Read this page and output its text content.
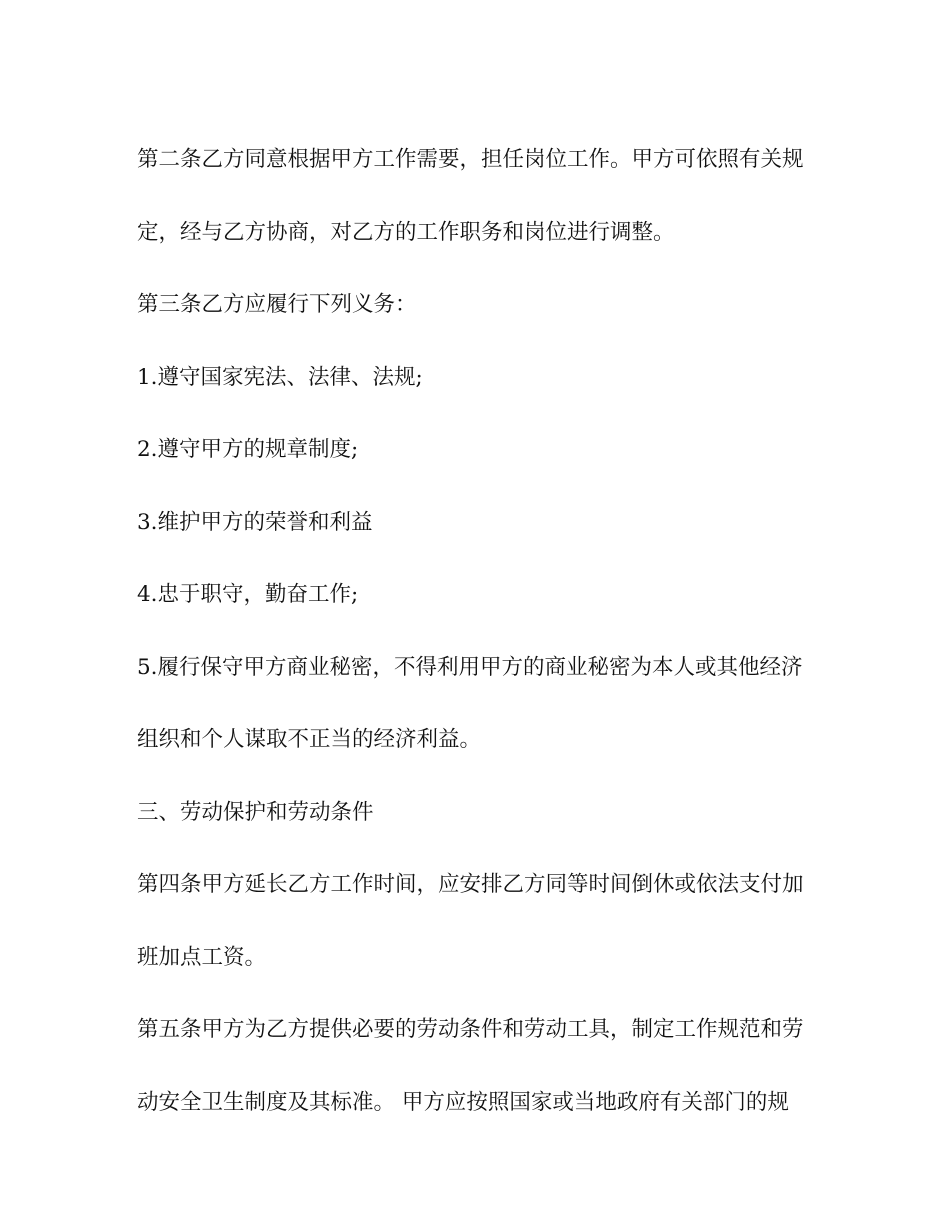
第二条乙方同意根据甲方工作需要，担任岗位工作。甲方可依照有关规
定，经与乙方协商，对乙方的工作职务和岗位进行调整。
第三条乙方应履行下列义务：
1.遵守国家宪法、法律、法规;
2.遵守甲方的规章制度;
3.维护甲方的荣誉和利益
4.忠于职守，勤奋工作;
5.履行保守甲方商业秘密，不得利用甲方的商业秘密为本人或其他经济
组织和个人谋取不正当的经济利益。
三、劳动保护和劳动条件
第四条甲方延长乙方工作时间，应安排乙方同等时间倒休或依法支付加
班加点工资。
第五条甲方为乙方提供必要的劳动条件和劳动工具，制定工作规范和劳
动安全卫生制度及其标准。 甲方应按照国家或当地政府有关部门的规
